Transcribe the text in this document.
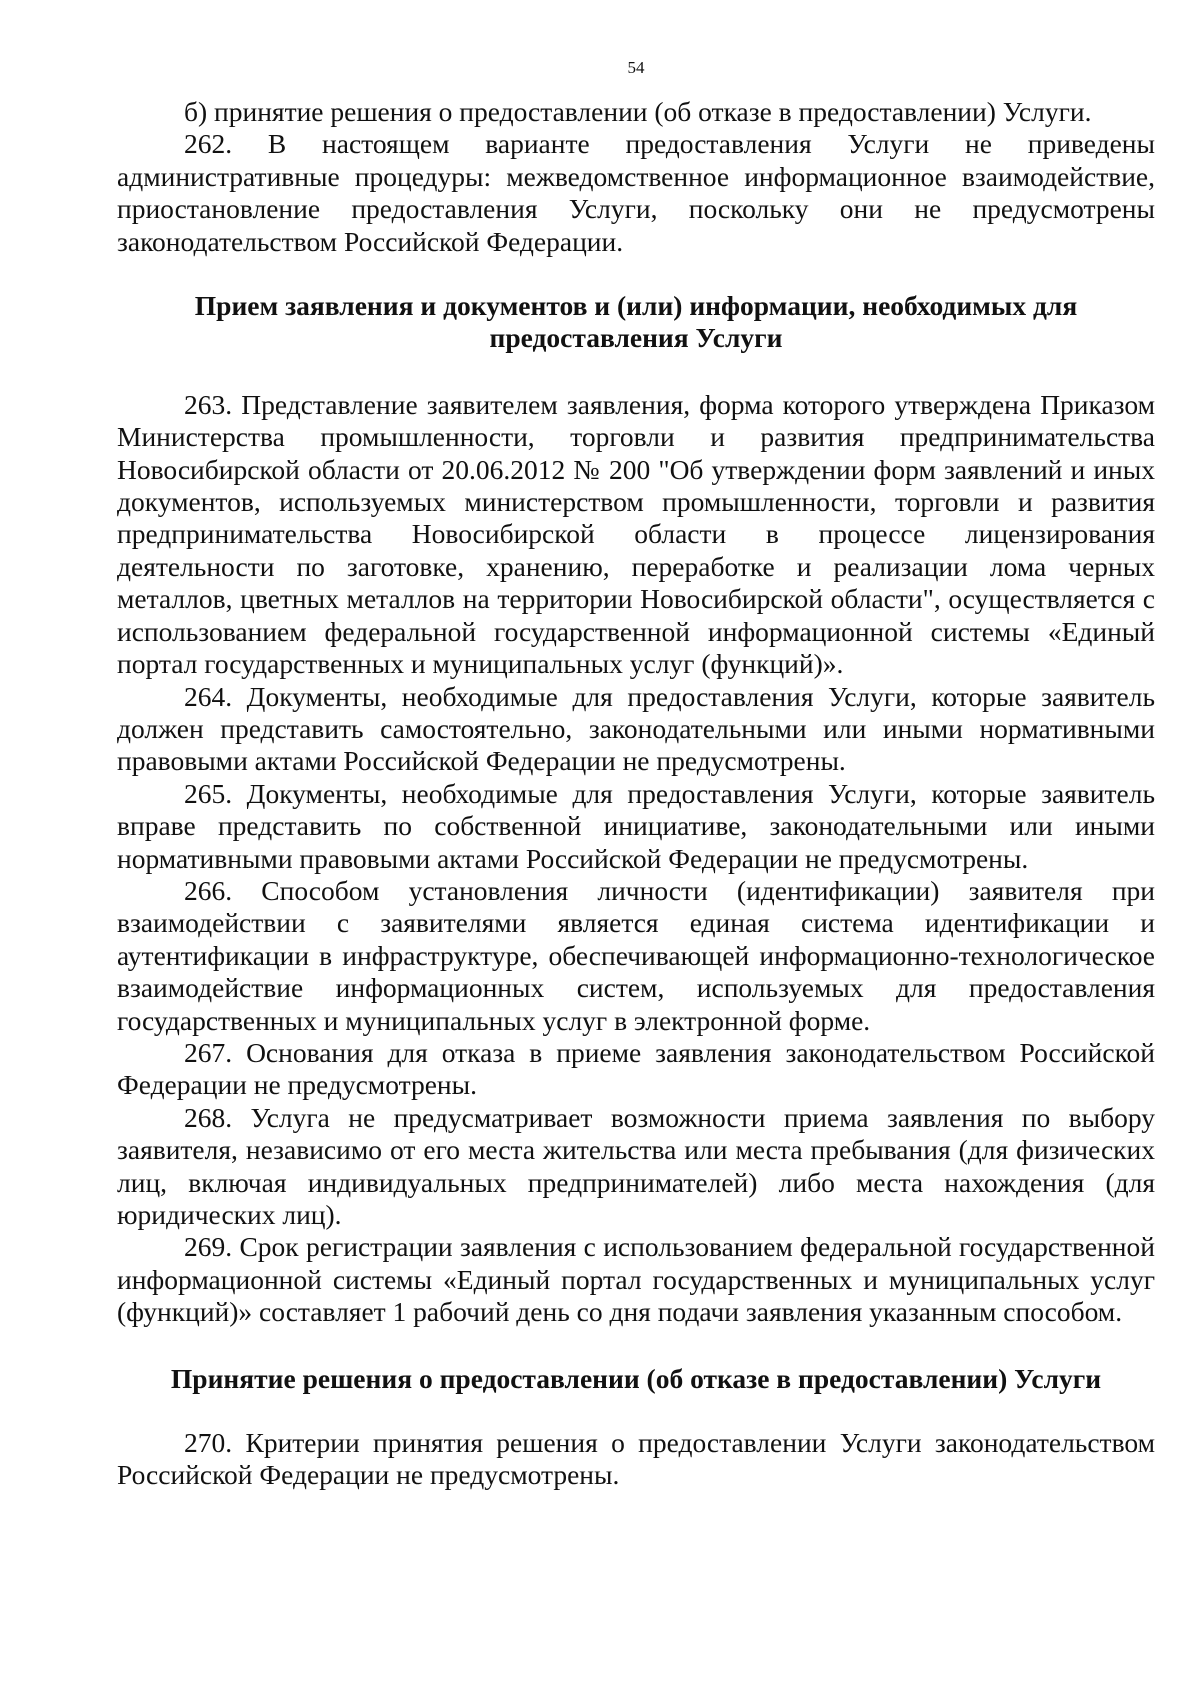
54

б) принятие решения о предоставлении (об отказе в предоставлении) Услуги.

262. В настоящем варианте предоставления Услуги не приведены административные процедуры: межведомственное информационное взаимодействие, приостановление предоставления Услуги, поскольку они не предусмотрены законодательством Российской Федерации.

Прием заявления и документов и (или) информации, необходимых для предоставления Услуги

263. Представление заявителем заявления, форма которого утверждена Приказом Министерства промышленности, торговли и развития предпринимательства Новосибирской области от 20.06.2012 № 200 "Об утверждении форм заявлений и иных документов, используемых министерством промышленности, торговли и развития предпринимательства Новосибирской области в процессе лицензирования деятельности по заготовке, хранению, переработке и реализации лома черных металлов, цветных металлов на территории Новосибирской области", осуществляется с использованием федеральной государственной информационной системы «Единый портал государственных и муниципальных услуг (функций)».

264. Документы, необходимые для предоставления Услуги, которые заявитель должен представить самостоятельно, законодательными или иными нормативными правовыми актами Российской Федерации не предусмотрены.

265. Документы, необходимые для предоставления Услуги, которые заявитель вправе представить по собственной инициативе, законодательными или иными нормативными правовыми актами Российской Федерации не предусмотрены.

266. Способом установления личности (идентификации) заявителя при взаимодействии с заявителями является единая система идентификации и аутентификации в инфраструктуре, обеспечивающей информационно-технологическое взаимодействие информационных систем, используемых для предоставления государственных и муниципальных услуг в электронной форме.

267. Основания для отказа в приеме заявления законодательством Российской Федерации не предусмотрены.

268. Услуга не предусматривает возможности приема заявления по выбору заявителя, независимо от его места жительства или места пребывания (для физических лиц, включая индивидуальных предпринимателей) либо места нахождения (для юридических лиц).

269. Срок регистрации заявления с использованием федеральной государственной информационной системы «Единый портал государственных и муниципальных услуг (функций)» составляет 1 рабочий день со дня подачи заявления указанным способом.

Принятие решения о предоставлении (об отказе в предоставлении) Услуги

270. Критерии принятия решения о предоставлении Услуги законодательством Российской Федерации не предусмотрены.
